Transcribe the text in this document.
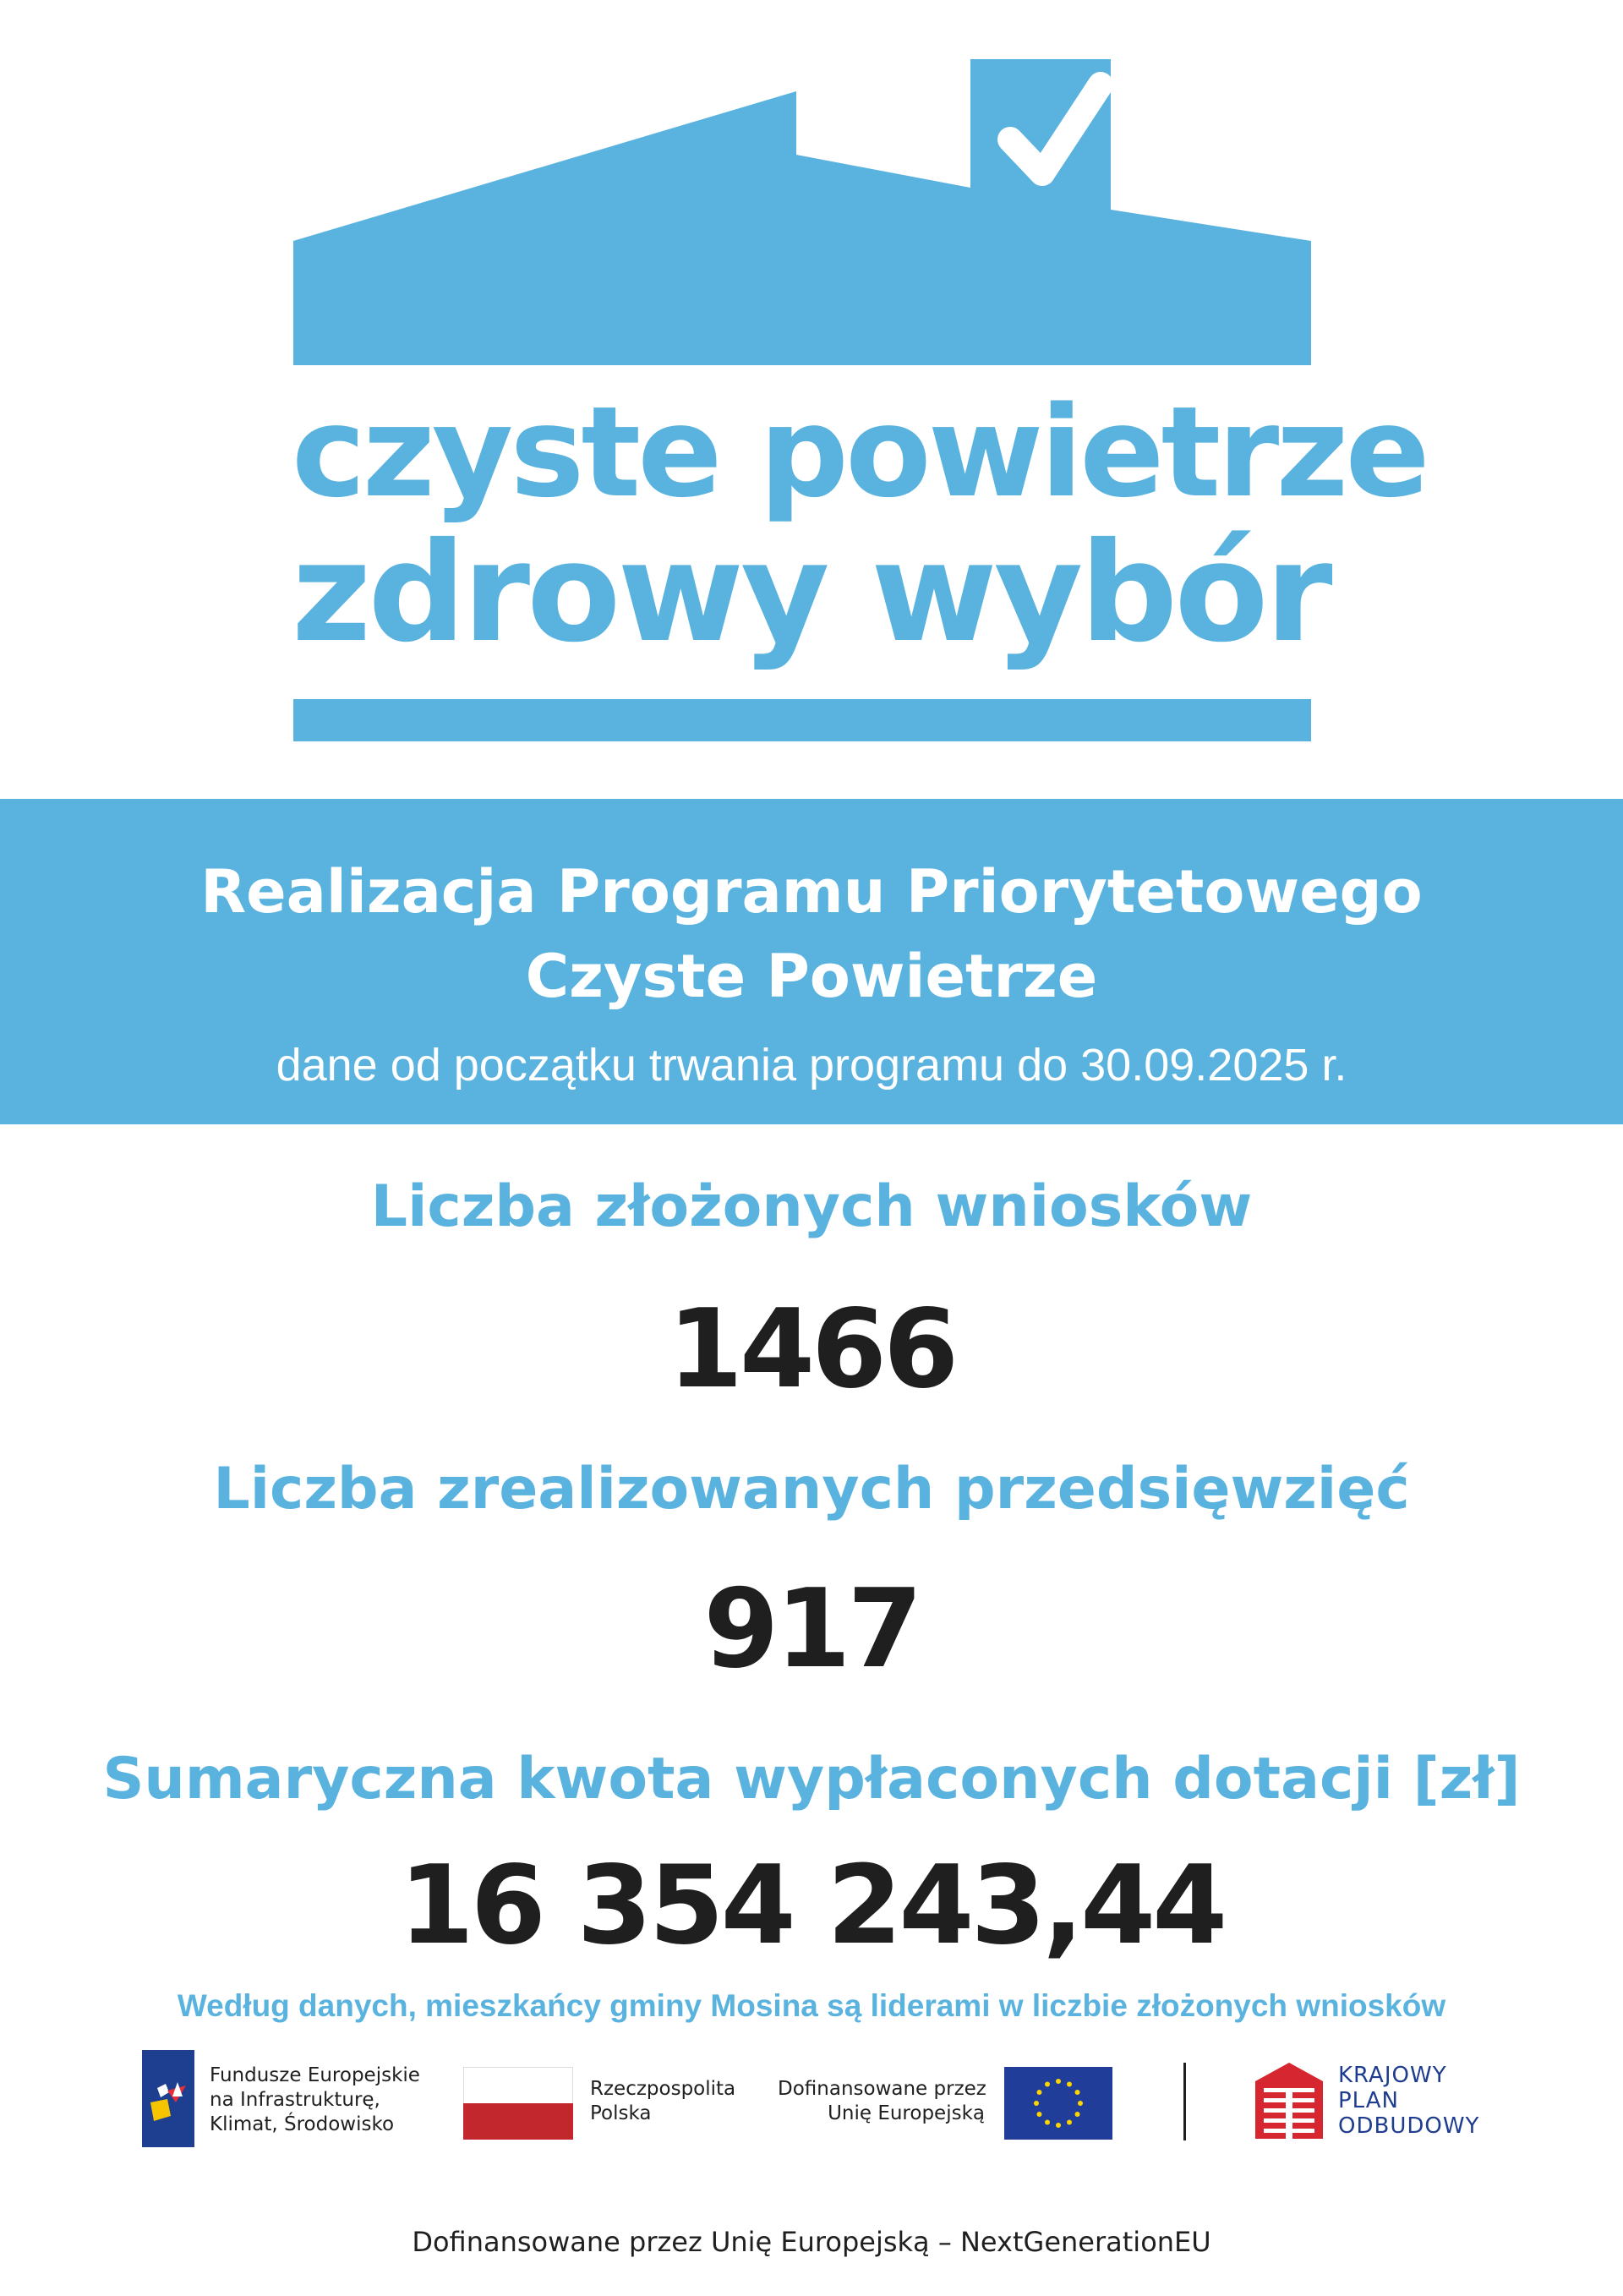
czyste powietrze
zdrowy wybór
Realizacja Programu Priorytetowego
Czyste Powietrze
dane od początku trwania programu do 30.09.2025 r.
Liczba złożonych wniosków
1466
Liczba zrealizowanych przedsięwzięć
917
Sumaryczna kwota wypłaconych dotacji [zł]
16 354 243,44
Według danych, mieszkańcy gminy Mosina są liderami w liczbie złożonych wniosków
Fundusze Europejskie
na Infrastrukturę,
Klimat, Środowisko
Rzeczpospolita
Polska
Dofinansowane przez
Unię Europejską
KRAJOWY
PLAN
ODBUDOWY
Dofinansowane przez Unię Europejską – NextGenerationEU
